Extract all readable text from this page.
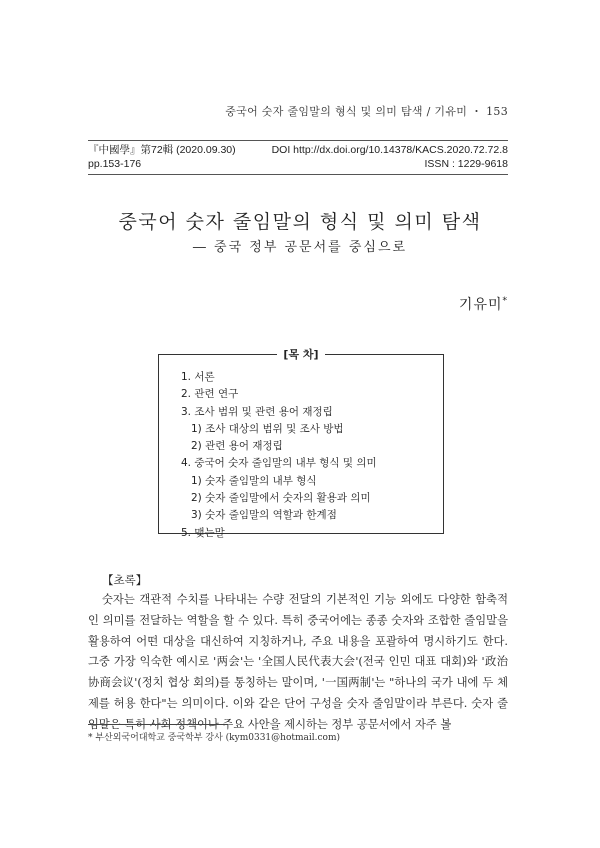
중국어 숫자 줄임말의 형식 및 의미 탐색 / 기유미 ・ 153
『中國學』第72輯 (2020.09.30)	DOI http://dx.doi.org/10.14378/KACS.2020.72.72.8
pp.153-176	ISSN : 1229-9618
중국어 숫자 줄임말의 형식 및 의미 탐색
― 중국 정부 공문서를 중심으로
기유미*
[목 차]
1. 서론
2. 관련 연구
3. 조사 범위 및 관련 용어 재정립
1) 조사 대상의 범위 및 조사 방법
2) 관련 용어 재정립
4. 중국어 숫자 줄임말의 내부 형식 및 의미
1) 숫자 줄임말의 내부 형식
2) 숫자 줄임말에서 숫자의 활용과 의미
3) 숫자 줄임말의 역할과 한계점
5. 맺는말
【초록】

숫자는 객관적 수치를 나타내는 수량 전달의 기본적인 기능 외에도 다양한 함축적인 의미를 전달하는 역할을 할 수 있다. 특히 중국어에는 종종 숫자와 조합한 줄임말을 활용하여 어떤 대상을 대신하여 지칭하거나, 주요 내용을 포괄하여 명시하기도 한다. 그중 가장 익숙한 예시로 '两会'는 '全国人民代表大会'(전국 인민 대표 대회)와 '政治协商会议'(정치 협상 회의)를 통칭하는 말이며, '一国两制'는 "하나의 국가 내에 두 체제를 허용 한다"는 의미이다. 이와 같은 단어 구성을 숫자 줄임말이라 부른다. 숫자 줄임말은 특히 사회 정책이나 주요 사안을 제시하는 정부 공문서에서 자주 볼

* 부산외국어대학교 중국학부 강사 (kym0331@hotmail.com)
